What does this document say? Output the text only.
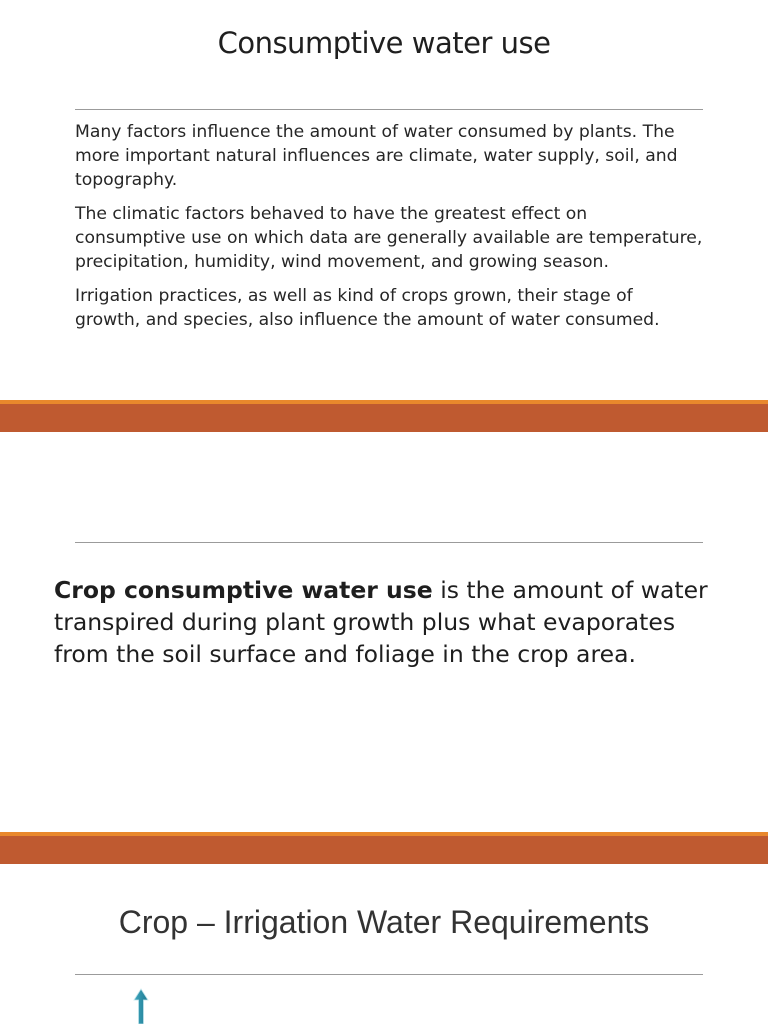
Consumptive water use

Many factors influence the amount of water consumed by plants. The more important natural influences are climate, water supply, soil, and topography.

The climatic factors behaved to have the greatest effect on consumptive use on which data are generally available are temperature, precipitation, humidity, wind movement, and growing season.

Irrigation practices, as well as kind of crops grown, their stage of growth, and species, also influence the amount of water consumed.

Crop consumptive water use is the amount of water transpired during plant growth plus what evaporates from the soil surface and foliage in the crop area.
Crop – Irrigation Water Requirements
